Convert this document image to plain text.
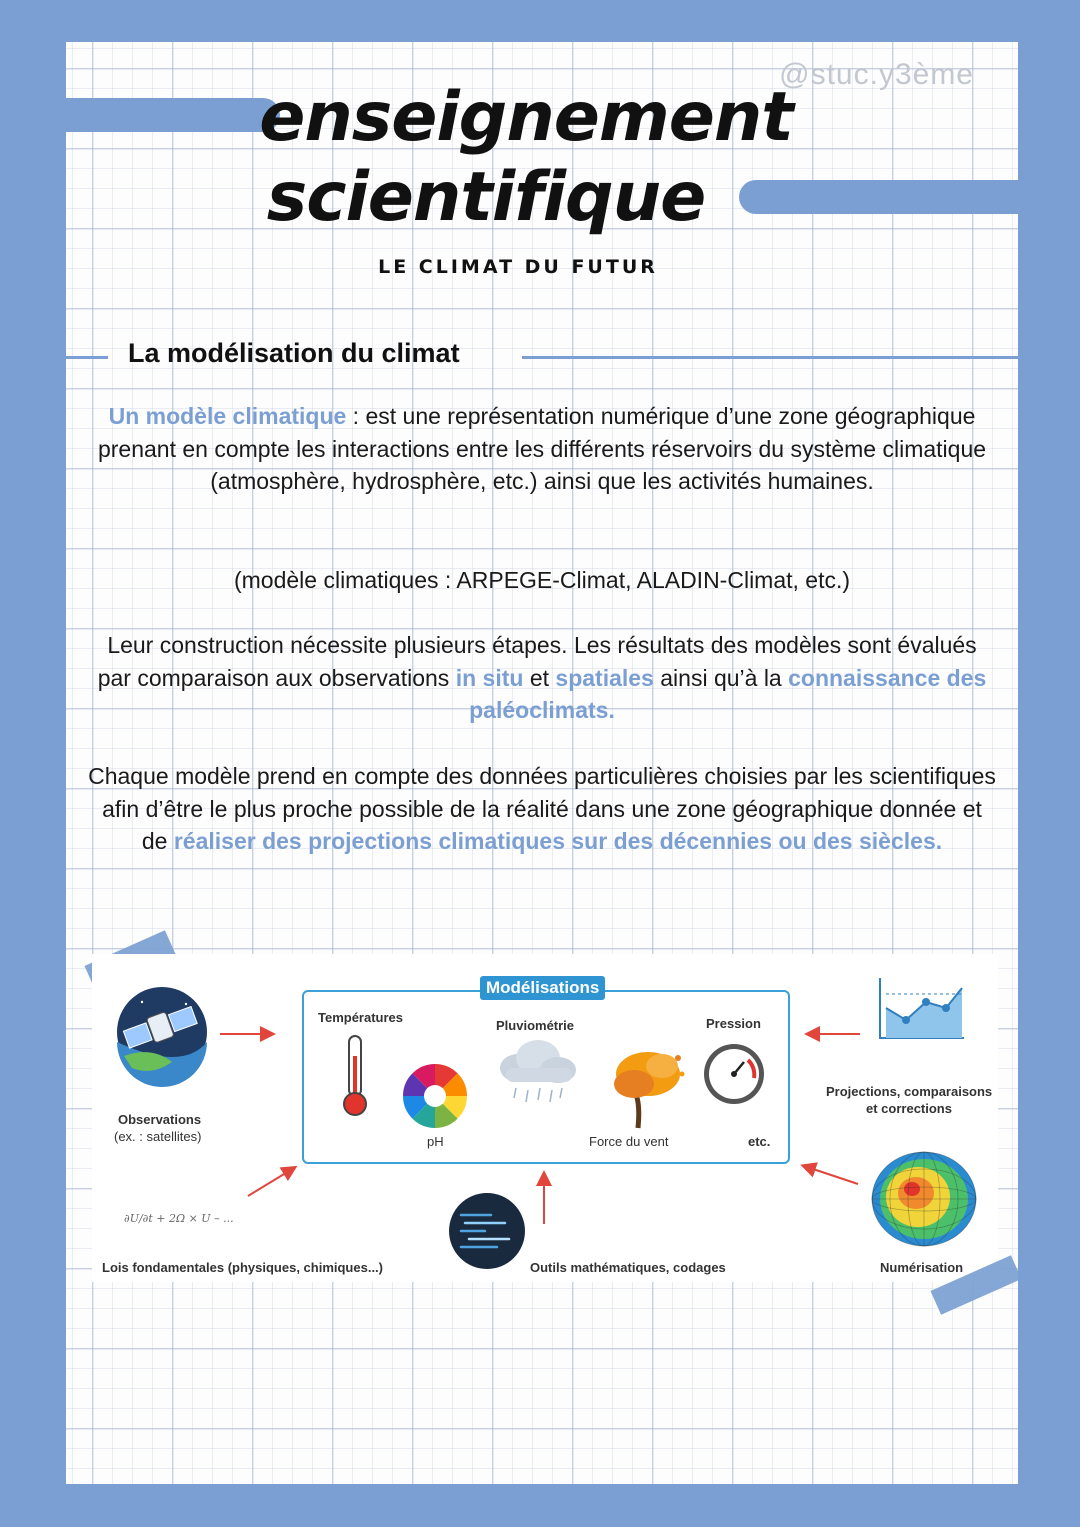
enseignement
scientifique
@stuc.y3ème
LE CLIMAT DU FUTUR
La modélisation du climat

Un modèle climatique : est une représentation numérique d’une zone géographique prenant en compte les interactions entre les différents réservoirs du système climatique (atmosphère, hydrosphère, etc.) ainsi que les activités humaines.

(modèle climatiques : ARPEGE-Climat, ALADIN-Climat, etc.)

Leur construction nécessite plusieurs étapes. Les résultats des modèles sont évalués par comparaison aux observations in situ et spatiales ainsi qu’à la connaissance des paléoclimats.

Chaque modèle prend en compte des données particulières choisies par les scientifiques afin d’être le plus proche possible de la réalité dans une zone géographique donnée et de réaliser des projections climatiques sur des décennies ou des siècles.

Modélisations
Températures
Pluviométrie	Pression
pH	Force du vent	etc.
Observations
(ex. : satellites)
Projections, comparaisons
et corrections
Numérisation
Outils mathématiques, codages
∂U/∂t + 2Ω × U – ...
Lois fondamentales (physiques, chimiques...)
